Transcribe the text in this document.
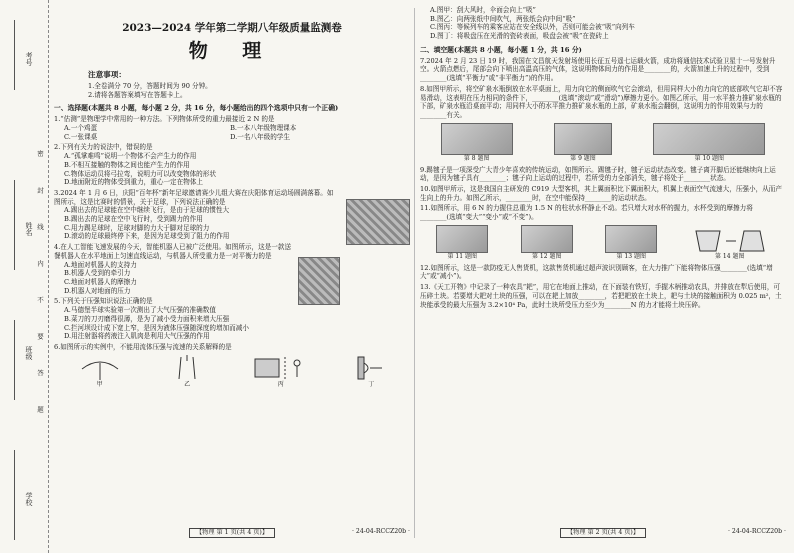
考号
姓名 密 封 线 内 不 要 答 题
班级
学校
2023—2024 学年第二学期八年级质量监测卷
物 理
注意事项：
1.全卷满分 70 分，答题时间为 90 分钟。
2.请将各题答案填写在答题卡上。
一、选择题(本题共 8 小题，每小题 2 分，共 16 分，每小题给出的四个选项中只有一个正确)
1.“估测”是物理学中常用的一种方法。下列物体所受的重力最接近 2 N 的是
A.一个鸡蛋	B.一本八年级物理课本
C.一张课桌	D.一名八年级的学生
2.下列有关力的说法中，错误的是
A.“孤掌难鸣”说明一个物体不会产生力的作用
B.不相互接触的物体之间也能产生力的作用
C.物体运动员将弓拉弯，说明力可以改变物体的形状
D.地面附近的物体受到重力，重心一定在物体上
3.2024 年 1 月 6 日，庆阳“百年杯”新年足球邀请赛少儿组大赛在庆阳体育运动场圆满落幕。如图所示，这是比赛时的情景，关于足球，下列说法正确的是
A.踢出去的足球能在空中继续飞行，是由于足球的惯性大
B.踢出去的足球在空中飞行时，受到踢力的作用
C.用力踢足球时，足球对脚的力大于脚对足球的力
D.滚动的足球最终停下来，是因为足球受到了阻力的作用
4.在人工智能飞速发展的今天，智能机器人已被广泛使用。如图所示，这是一款送餐机器人在水平地面上匀速直线运动，与机器人所受重力是一对平衡力的是
A.地面对机器人的支持力
B.机器人受到的牵引力
C.地面对机器人的摩擦力
D.机器人对地面的压力
5.下列关于压强知识说法正确的是
A.马德堡半球实验第一次测出了大气压强的准确数值
B.菜刀的刀刃磨得很薄，是为了减小受力面积来增大压强
C.拦河坝设计成下宽上窄，是因为液体压强随深度的增加而减小
D.用注射器将药液注入肌肉是利用大气压强的作用
6.如图所示的实例中，不能用流体压强与流速的关系解释的是
甲	乙	丙	丁
【物理 第 1 页(共 4 页)】	· 24-04-RCCZ20b ·
A.图甲：刮大风时，伞面会向上“吸”
B.图乙：向两张纸中间吹气，两张纸会向中间“吸”
C.图丙：等候列车的乘客应站在安全线以外，否则可能会被“吸”向列车
D.图丁：将吸盘压在光滑的瓷砖表面，吸盘会被“吸”在瓷砖上
二、填空题(本题共 8 小题，每小题 1 分，共 16 分)
7.2024 年 2 月 23 日 19 时，我国在文昌航天发射场使用长征五号遥七运载火箭，成功将通信技术试验卫星十一号发射升空。火箭点燃后，尾部会向下喷出高温高压的气体，这说明物体间力的作用是________的，火箭加速上升的过程中，受到________(选填“平衡力”或“非平衡力”)的作用。
8.如图甲所示，将空矿泉水瓶倒放在水平桌面上，用力向它的侧面吹气它会滚动，但用同样大小的力向它的底部吹气它却不容易滑动，这表明在压力相同的条件下，________(选填“滚动”或“滑动”)摩擦力更小。如图乙所示，用一水平推力推矿泉水瓶的下部，矿泉水瓶沿桌面平动；用同样大小的水平推力推矿泉水瓶的上部，矿泉水瓶会翻倒，这说明力的作用效果与力的________有关。
第 8 题图	第 9 题图	第 10 题图
9.踢毽子是一项深受广大青少年喜欢的传统运动，如图所示。踢毽子时，毽子运动状态改变。毽子离开脚后还能继续向上运动，是因为毽子具有________；毽子向上运动的过程中，若所受的力全部消失，毽子将处于________状态。
10.如图甲所示，这是我国自主研发的 C919 大型客机，其上翼面积比下翼面积大，机翼上表面空气流速大，压强小，从而产生向上的升力。如图乙所示，________时，在空中能保持________的运动状态。
11.如图所示，用 6 N 的力握住总重为 1.5 N 的柱状水杯静止不动。若只增大对水杯的握力，水杯受到的摩擦力将________(选填“变大”“变小”或“不变”)。
第 11 题图	第 12 题图	第 13 题图	第 14 题图
12.如图所示，这是一款防疫无人售货机，这款售货机通过超声波识别顾客，在大力推广下能将物体压强________(选填“增大”或“减小”)。
13.《天工开物》中记录了一种农具“耙”，用它在地面上推动，在下面装有铁钉，手握木柄推动农具，并排放在犁后使用，可压碎土块。若要增大耙对土块的压强，可以在耙上加放________，若把耙放在土块上，耙与土块的接触面积为 0.025 m²，土块能承受的最大压强为 3.2×10⁴ Pa，此时土块所受压力至少为________N 的力才能将土块压碎。
【物理 第 2 页(共 4 页)】	· 24-04-RCCZ20b ·
